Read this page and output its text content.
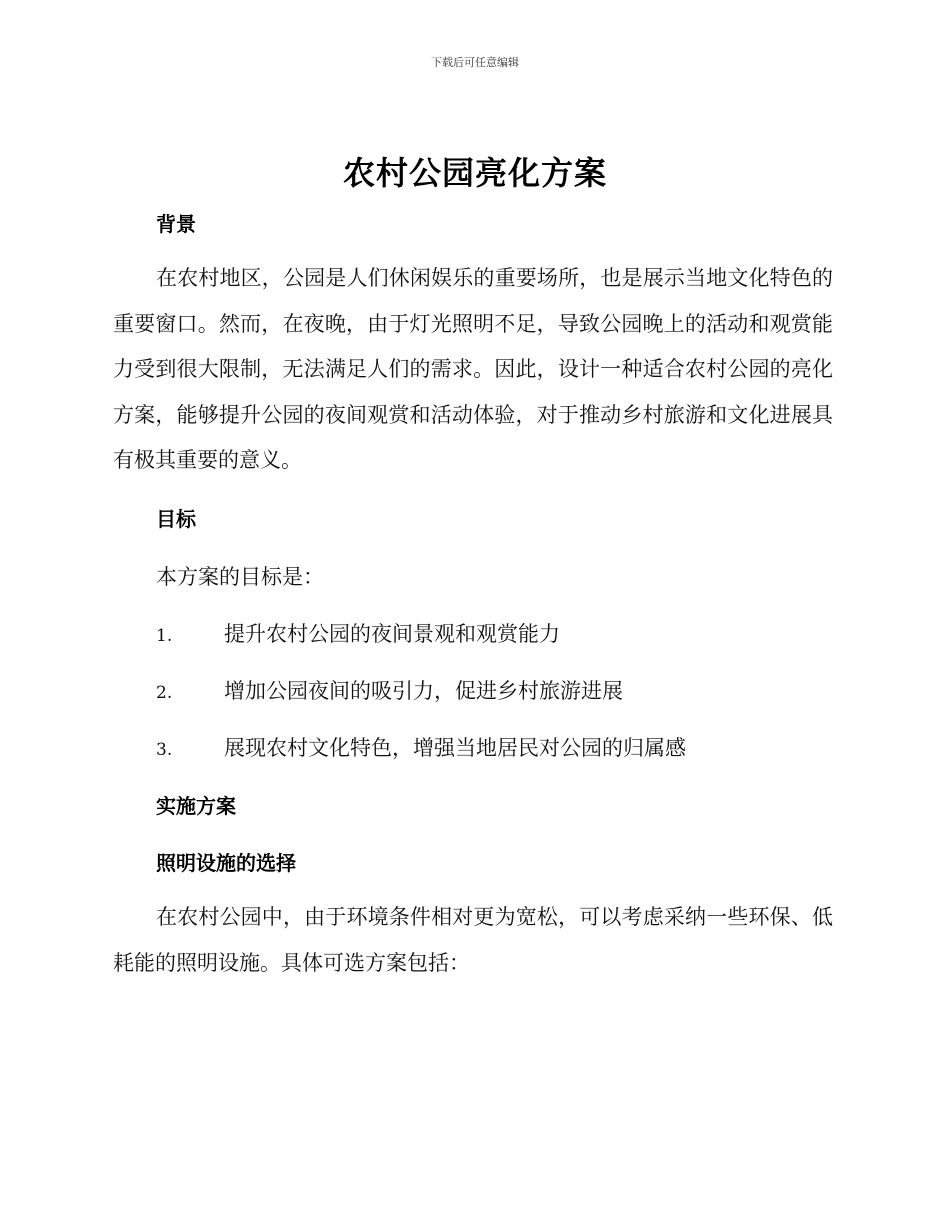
下载后可任意编辑
农村公园亮化方案
背景
在农村地区，公园是人们休闲娱乐的重要场所，也是展示当地文化特色的重要窗口。然而，在夜晚，由于灯光照明不足，导致公园晚上的活动和观赏能力受到很大限制，无法满足人们的需求。因此，设计一种适合农村公园的亮化方案，能够提升公园的夜间观赏和活动体验，对于推动乡村旅游和文化进展具有极其重要的意义。
目标
本方案的目标是：
1. 提升农村公园的夜间景观和观赏能力
2. 增加公园夜间的吸引力，促进乡村旅游进展
3. 展现农村文化特色，增强当地居民对公园的归属感
实施方案
照明设施的选择
在农村公园中，由于环境条件相对更为宽松，可以考虑采纳一些环保、低耗能的照明设施。具体可选方案包括：
